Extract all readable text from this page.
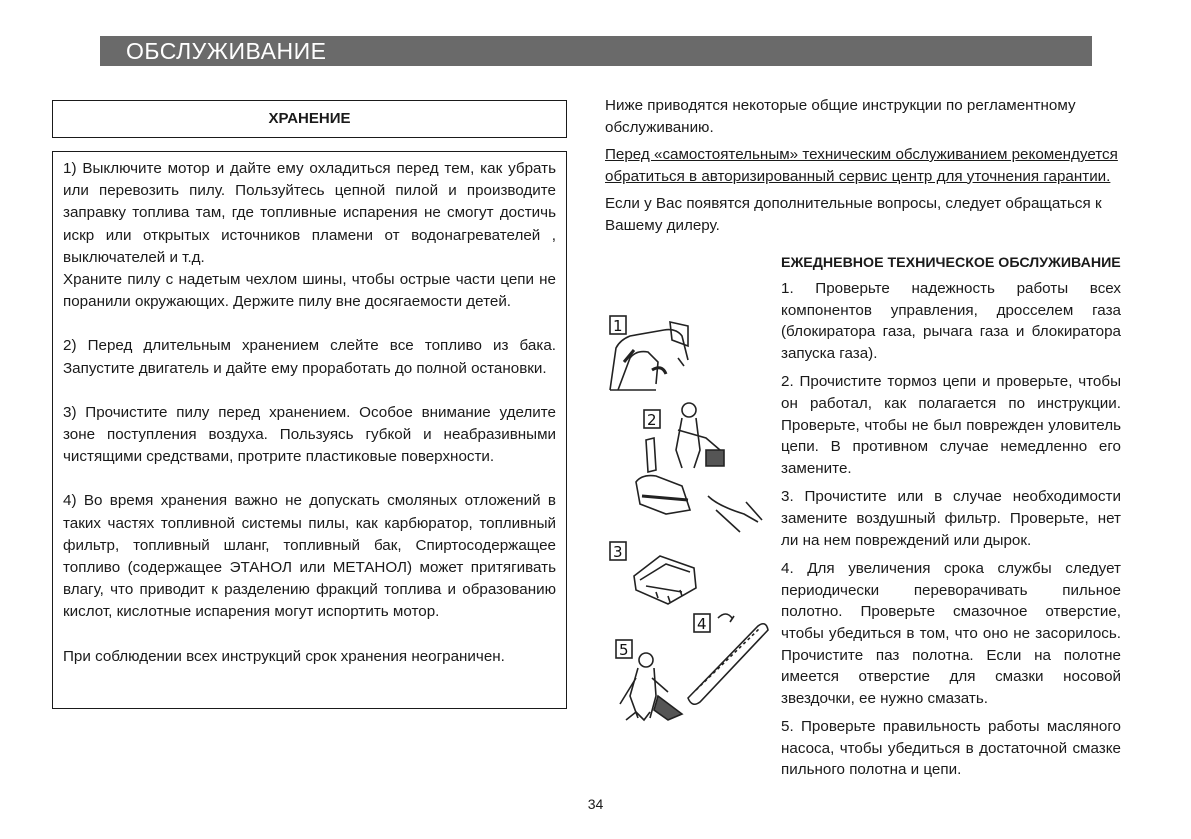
ОБСЛУЖИВАНИЕ
ХРАНЕНИЕ

1) Выключите мотор и дайте ему охладиться перед тем, как убрать или перевозить пилу. Пользуйтесь цепной пилой и производите заправку топлива там, где топливные испарения не смогут достичь искр или открытых источников пламени от водонагревателей , выключателей и т.д.

Храните пилу с надетым чехлом шины, чтобы острые части цепи не поранили окружающих. Держите пилу вне досягаемости детей.

2) Перед длительным хранением слейте все топливо из бака. Запустите двигатель и дайте ему проработать до полной остановки.

3) Прочистите пилу перед хранением. Особое внимание уделите зоне поступления воздуха. Пользуясь губкой и неабразивными чистящими средствами, протрите пластиковые поверхности.

4) Во время хранения важно не допускать смоляных отложений в таких частях топливной системы пилы, как карбюратор, топливный фильтр, топливный шланг, топливный бак, Спиртосодержащее топливо (содержащее ЭТАНОЛ или МЕТАНОЛ) может притягивать влагу, что приводит к разделению фракций топлива и образованию кислот, кислотные испарения могут испортить мотор.

При соблюдении всех инструкций срок хранения неограничен.

Ниже приводятся некоторые общие инструкции по регламентному обслуживанию.

Перед «самостоятельным» техническим обслуживанием рекомендуется обратиться в авторизированный сервис центр для уточнения гарантии.

Если у Вас появятся дополнительные вопросы, следует обращаться к Вашему дилеру.

ЕЖЕДНЕВНОЕ ТЕХНИЧЕСКОЕ ОБСЛУЖИВАНИЕ

1. Проверьте надежность работы всех компонентов управления, дросселем газа (блокиратора газа, рычага газа и блокиратора запуска газа).

2. Прочистите тормоз цепи и проверьте, чтобы он работал, как полагается по инструкции. Проверьте, чтобы не был поврежден уловитель цепи. В противном случае немедленно его замените.

3. Прочистите или в случае необходимости замените воздушный фильтр. Проверьте, нет ли на нем повреждений или дырок.

4. Для увеличения срока службы следует периодически переворачивать пильное полотно. Проверьте смазочное отверстие, чтобы убедиться в том, что оно не засорилось. Прочистите паз полотна. Если на полотне имеется отверстие для смазки носовой звездочки, ее нужно смазать.

5. Проверьте правильность работы масляного насоса, чтобы убедиться в достаточной смазке пильного полотна и цепи.

1
2
3
4
5
34
